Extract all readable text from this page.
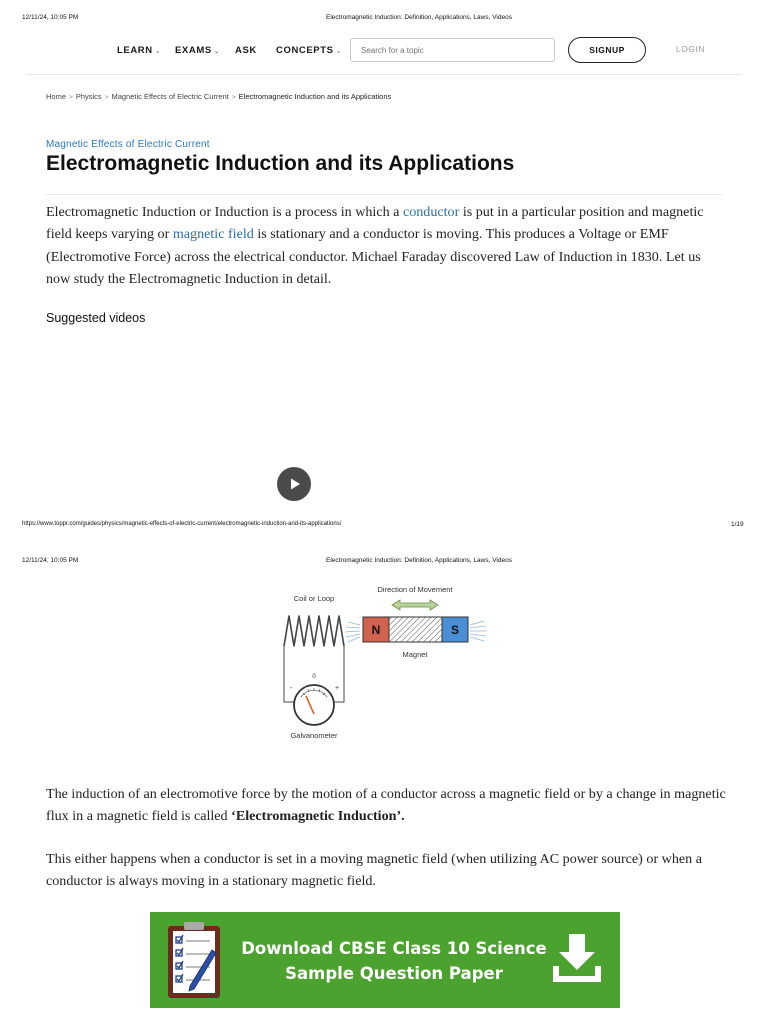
12/11/24, 10:05 PM	Electromagnetic Induction: Definition, Applications, Laws, Videos
LEARN ⌄ EXAMS ⌄ ASK CONCEPTS ⌄
Search for a topic	SIGNUP	LOGIN
Home > Physics > Magnetic Effects of Electric Current > Electromagnetic Induction and its Applications
Magnetic Effects of Electric Current
Electromagnetic Induction and its Applications
Electromagnetic Induction or Induction is a process in which a conductor is put in a particular position and magnetic field keeps varying or magnetic field is stationary and a conductor is moving. This produces a Voltage or EMF (Electromotive Force) across the electrical conductor. Michael Faraday discovered Law of Induction in 1830. Let us now study the Electromagnetic Induction in detail.
Suggested videos
https://www.toppr.com/guides/physics/magnetic-effects-of-electric-current/electromagnetic-induction-and-its-applications/	1/19
12/11/24, 10:05 PM	Electromagnetic Induction: Definition, Applications, Laws, Videos
Coil or Loop
Direction of Movement
N	S
Magnet
0
-	+
Galvanometer
The induction of an electromotive force by the motion of a conductor across a magnetic field or by a change in magnetic flux in a magnetic field is called ‘Electromagnetic Induction’.
This either happens when a conductor is set in a moving magnetic field (when utilizing AC power source) or when a conductor is always moving in a stationary magnetic field.
Download CBSE Class 10 Science
Sample Question Paper
